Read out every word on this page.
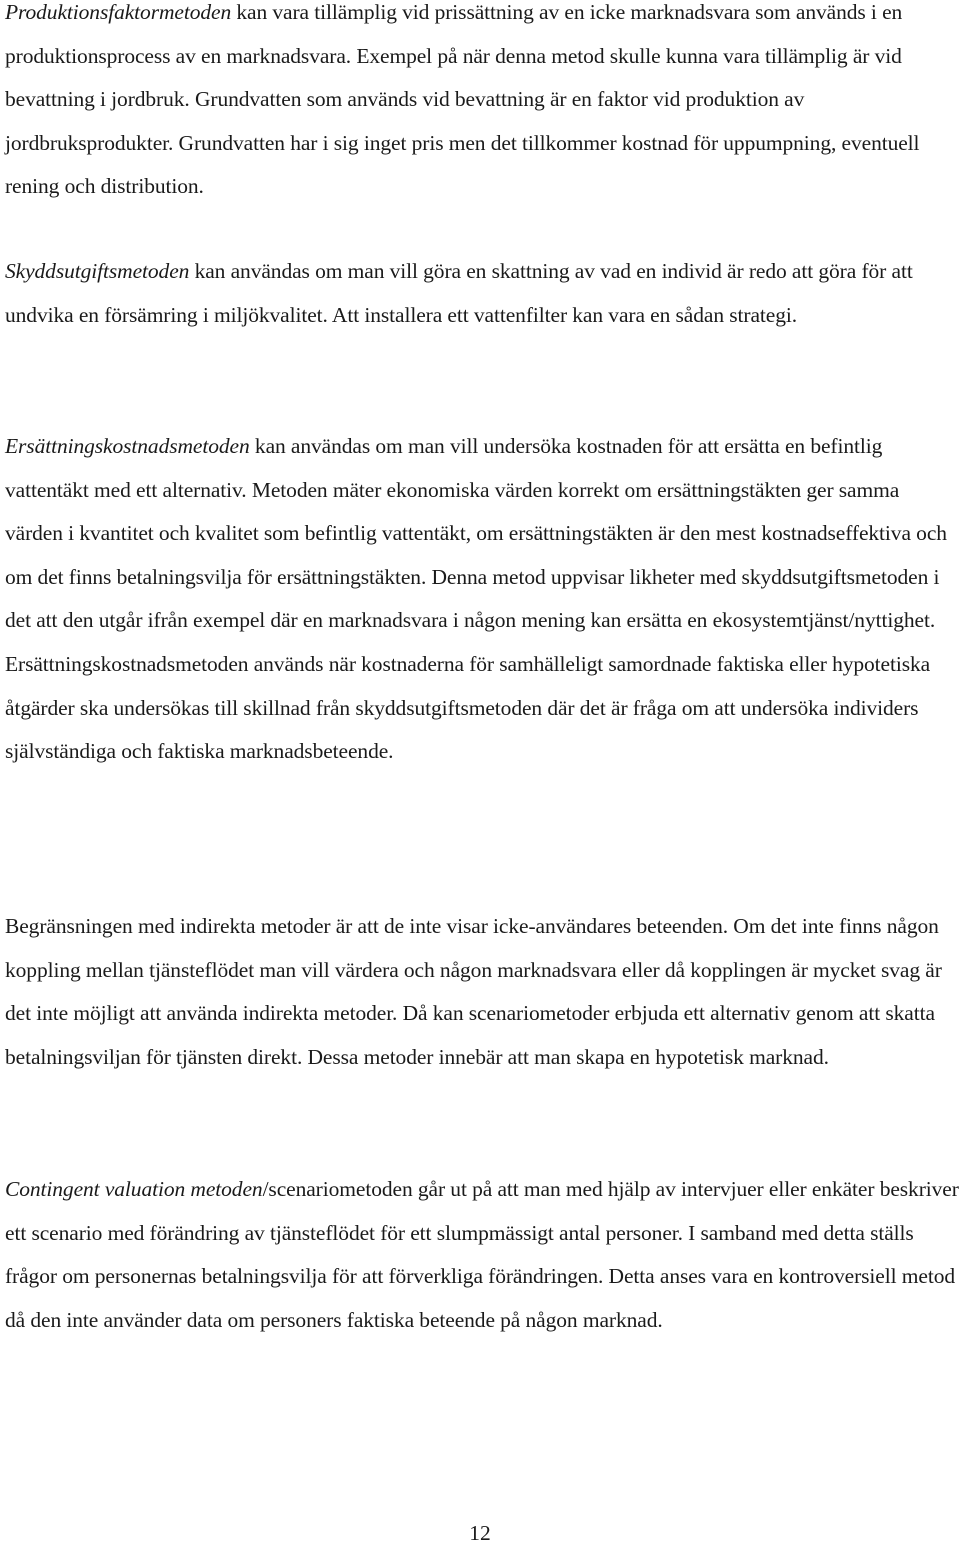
Produktionsfaktormetoden kan vara tillämplig vid prissättning av en icke marknadsvara som används i en produktionsprocess av en marknadsvara. Exempel på när denna metod skulle kunna vara tillämplig är vid bevattning i jordbruk. Grundvatten som används vid bevattning är en faktor vid produktion av jordbruksprodukter. Grundvatten har i sig inget pris men det tillkommer kostnad för uppumpning, eventuell rening och distribution.

Skyddsutgiftsmetoden kan användas om man vill göra en skattning av vad en individ är redo att göra för att undvika en försämring i miljökvalitet. Att installera ett vattenfilter kan vara en sådan strategi.

Ersättningskostnadsmetoden kan användas om man vill undersöka kostnaden för att ersätta en befintlig vattentäkt med ett alternativ. Metoden mäter ekonomiska värden korrekt om ersättningstäkten ger samma värden i kvantitet och kvalitet som befintlig vattentäkt, om ersättningstäkten är den mest kostnadseffektiva och om det finns betalningsvilja för ersättningstäkten. Denna metod uppvisar likheter med skyddsutgiftsmetoden i det att den utgår ifrån exempel där en marknadsvara i någon mening kan ersätta en ekosystemtjänst/nyttighet. Ersättningskostnadsmetoden används när kostnaderna för samhälleligt samordnade faktiska eller hypotetiska åtgärder ska undersökas till skillnad från skyddsutgiftsmetoden där det är fråga om att undersöka individers självständiga och faktiska marknadsbeteende.

Begränsningen med indirekta metoder är att de inte visar icke-användares beteenden. Om det inte finns någon koppling mellan tjänsteflödet man vill värdera och någon marknadsvara eller då kopplingen är mycket svag är det inte möjligt att använda indirekta metoder. Då kan scenariometoder erbjuda ett alternativ genom att skatta betalningsviljan för tjänsten direkt. Dessa metoder innebär att man skapa en hypotetisk marknad.

Contingent valuation metoden/scenariometoden går ut på att man med hjälp av intervjuer eller enkäter beskriver ett scenario med förändring av tjänsteflödet för ett slumpmässigt antal personer. I samband med detta ställs frågor om personernas betalningsvilja för att förverkliga förändringen. Detta anses vara en kontroversiell metod då den inte använder data om personers faktiska beteende på någon marknad.

12
